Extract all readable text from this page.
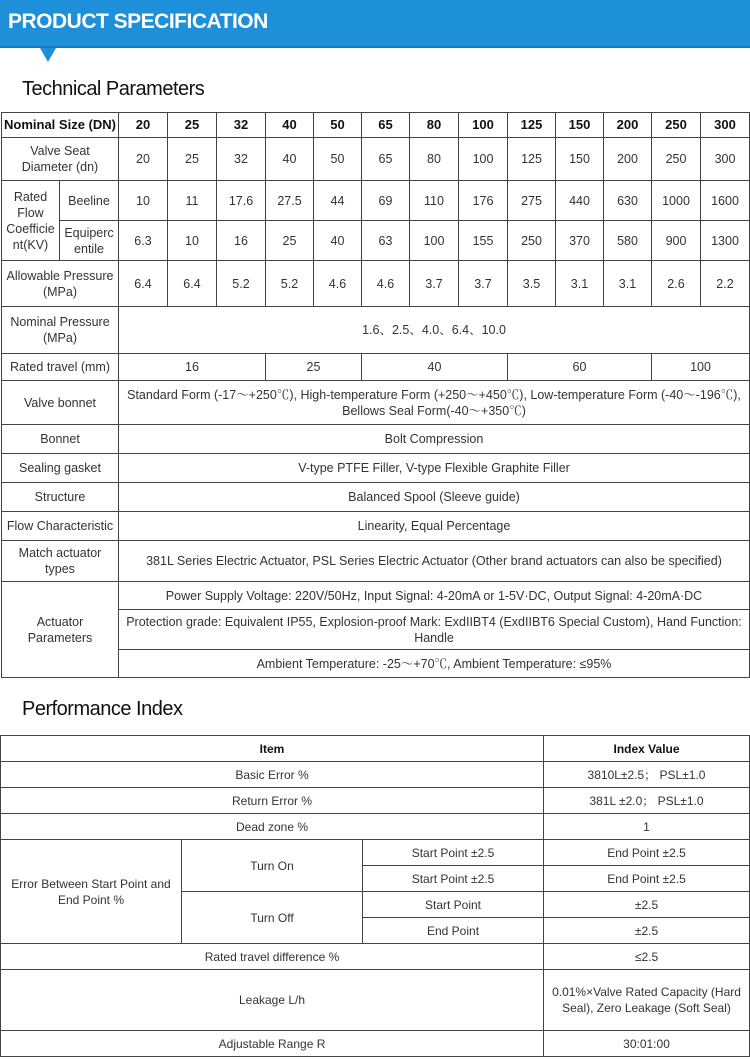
PRODUCT SPECIFICATION
Technical Parameters
Nominal Size (DN)		20	25	32	40	50	65	80	100	125	150	200	250	300
Valve Seat Diameter (dn)		20	25	32	40	50	65	80	100	125	150	200	250	300
Rated Flow Coefficie nt(KV)	Beeline	10	11	17.6	27.5	44	69	110	176	275	440	630	1000	1600
	Equiperc entile	6.3	10	16	25	40	63	100	155	250	370	580	900	1300
Allowable Pressure (MPa)		6.4	6.4	5.2	5.2	4.6	4.6	3.7	3.7	3.5	3.1	3.1	2.6	2.2
Nominal Pressure (MPa)		1.6、2.5、4.0、6.4、10.0												
Rated travel (mm)		16			25		40			60			100	
Valve bonnet		Standard Form (-17～+250℃), High-temperature Form (+250～+450℃), Low-temperature Form (-40～-196℃), Bellows Seal Form(-40～+350℃)												
Bonnet		Bolt Compression												
Sealing gasket		V-type PTFE Filler, V-type Flexible Graphite Filler												
Structure		Balanced Spool (Sleeve guide)												
Flow Characteristic		Linearity, Equal Percentage												
Match actuator types		381L Series Electric Actuator, PSL Series Electric Actuator (Other brand actuators can also be specified)												
Actuator Parameters		Power Supply Voltage: 220V/50Hz, Input Signal: 4-20mA or 1-5V·DC, Output Signal: 4-20mA·DC												
		Protection grade: Equivalent IP55, Explosion-proof Mark: ExdIIBT4 (ExdIIBT6 Special Custom), Hand Function: Handle												
		Ambient Temperature: -25～+70℃, Ambient Temperature: ≤95%												
Performance Index
Item			Index Value
Basic Error %			3810L±2.5； PSL±1.0
Return Error %			381L ±2.0； PSL±1.0
Dead zone %			1
Error Between Start Point and End Point %	Turn On	Start Point ±2.5	End Point ±2.5
		Start Point ±2.5	End Point ±2.5
	Turn Off	Start Point	±2.5
		End Point	±2.5
Rated travel difference %			≤2.5
Leakage L/h			0.01%×Valve Rated Capacity (Hard Seal), Zero Leakage (Soft Seal)
Adjustable Range R			30:01:00
